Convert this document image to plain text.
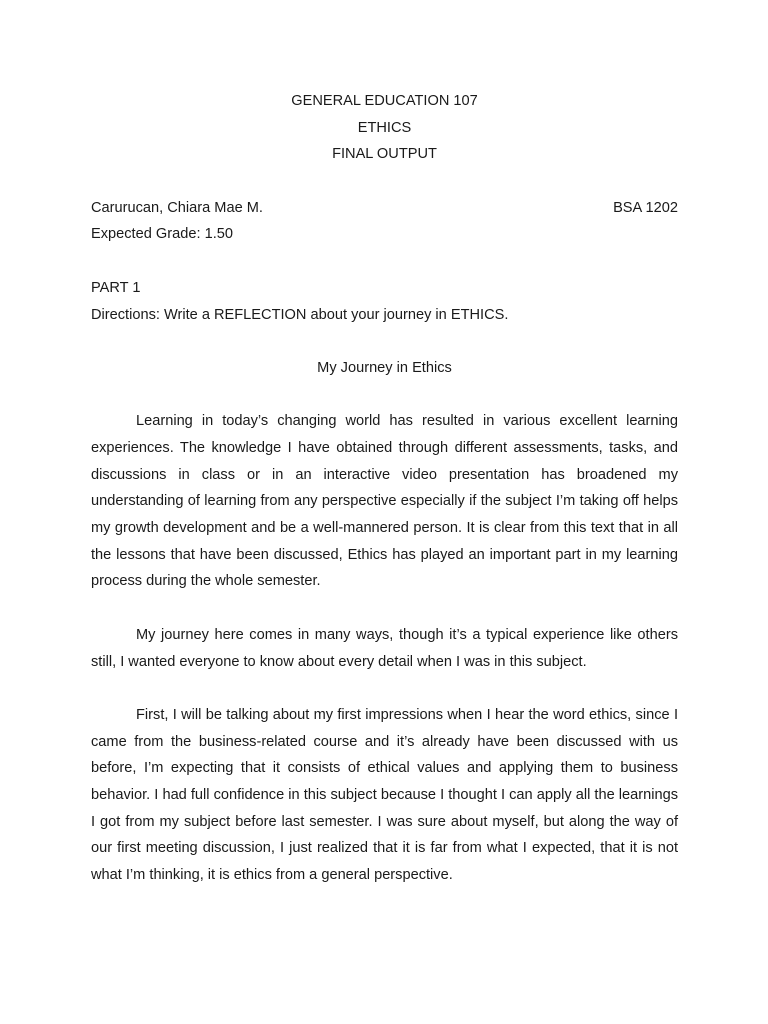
GENERAL EDUCATION 107
ETHICS
FINAL OUTPUT
Carurucan, Chiara Mae M.	BSA 1202
Expected Grade: 1.50
PART 1
Directions: Write a REFLECTION about your journey in ETHICS.
My Journey in Ethics

Learning in today’s changing world has resulted in various excellent learning experiences. The knowledge I have obtained through different assessments, tasks, and discussions in class or in an interactive video presentation has broadened my understanding of learning from any perspective especially if the subject I’m taking off helps my growth development and be a well-mannered person. It is clear from this text that in all the lessons that have been discussed, Ethics has played an important part in my learning process during the whole semester.

My journey here comes in many ways, though it’s a typical experience like others still, I wanted everyone to know about every detail when I was in this subject.

First, I will be talking about my first impressions when I hear the word ethics, since I came from the business-related course and it’s already have been discussed with us before, I’m expecting that it consists of ethical values and applying them to business behavior. I had full confidence in this subject because I thought I can apply all the learnings I got from my subject before last semester. I was sure about myself, but along the way of our first meeting discussion, I just realized that it is far from what I expected, that it is not what I’m thinking, it is ethics from a general perspective.
